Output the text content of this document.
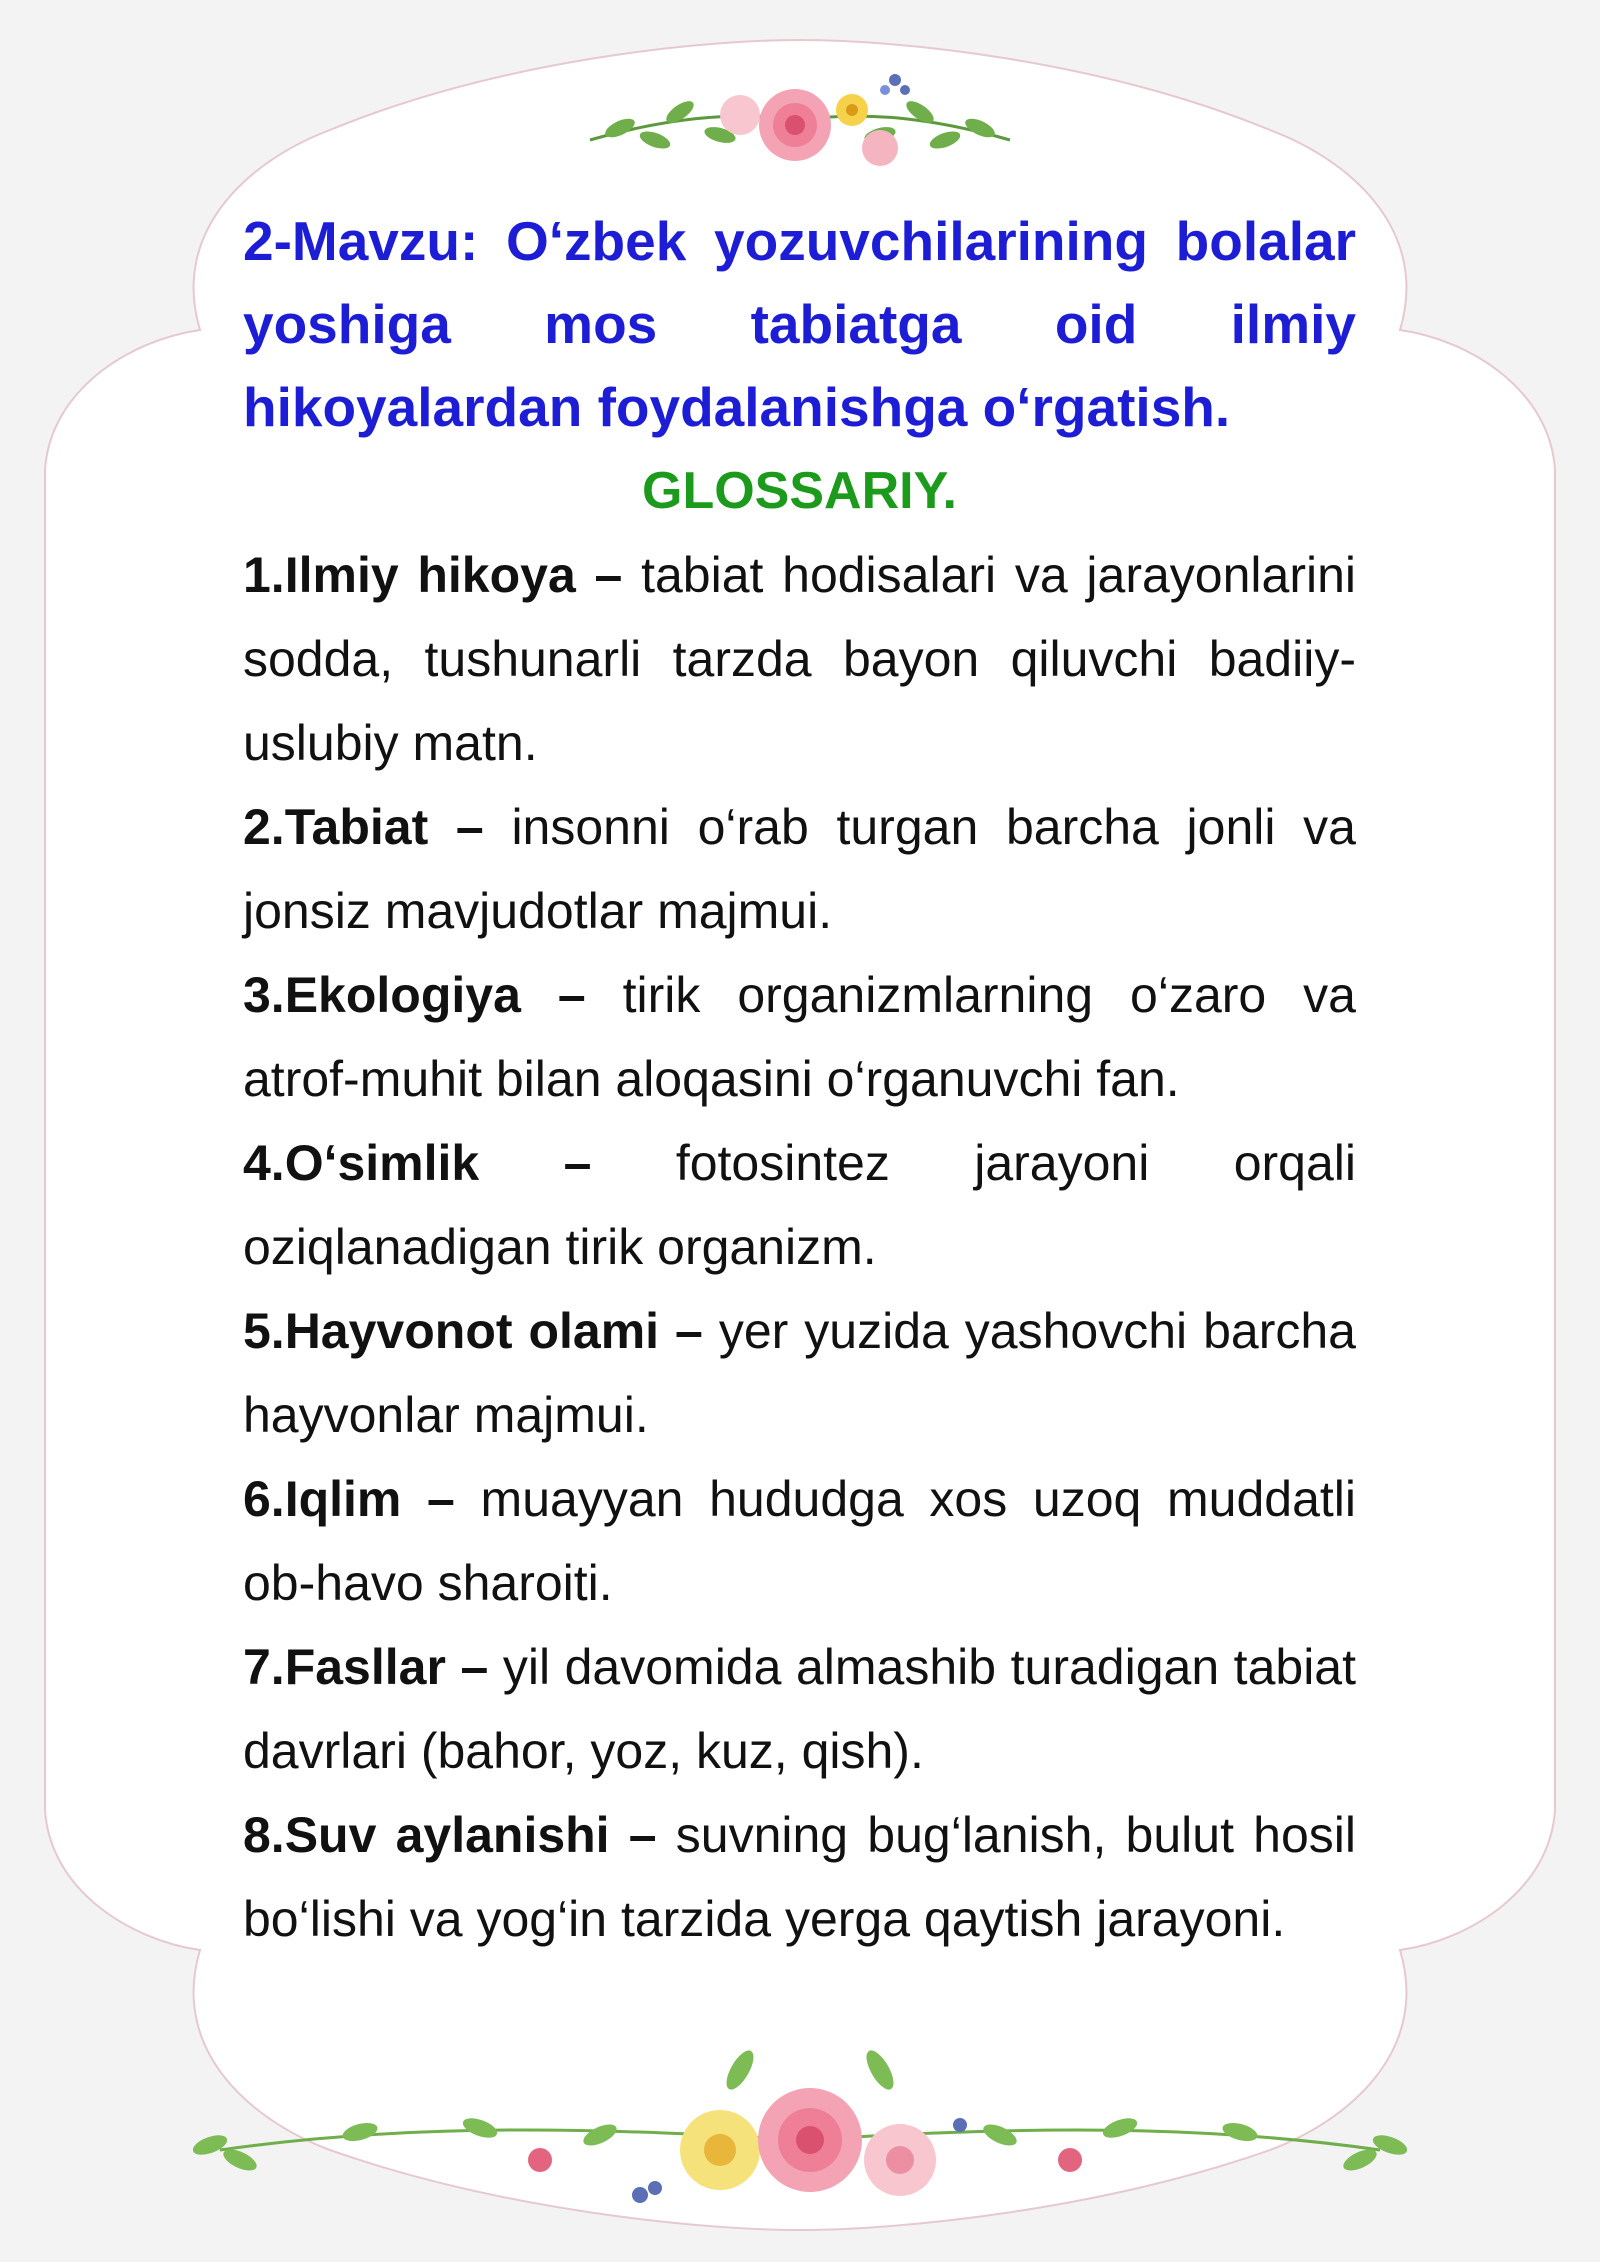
2-Mavzu: O‘zbek yozuvchilarining bolalar yoshiga mos tabiatga oid ilmiy hikoyalardan foydalanishga o‘rgatish.

GLOSSARIY.

1.Ilmiy hikoya – tabiat hodisalari va jarayonlarini sodda, tushunarli tarzda bayon qiluvchi badiiy-uslubiy matn.

2.Tabiat – insonni o‘rab turgan barcha jonli va jonsiz mavjudotlar majmui.

3.Ekologiya – tirik organizmlarning o‘zaro va atrof-muhit bilan aloqasini o‘rganuvchi fan.

4.O‘simlik – fotosintez jarayoni orqali oziqlanadigan tirik organizm.

5.Hayvonot olami – yer yuzida yashovchi barcha hayvonlar majmui.

6.Iqlim – muayyan hududga xos uzoq muddatli ob-havo sharoiti.

7.Fasllar – yil davomida almashib turadigan tabiat davrlari (bahor, yoz, kuz, qish).

8.Suv aylanishi – suvning bug‘lanish, bulut hosil bo‘lishi va yog‘in tarzida yerga qaytish jarayoni.
